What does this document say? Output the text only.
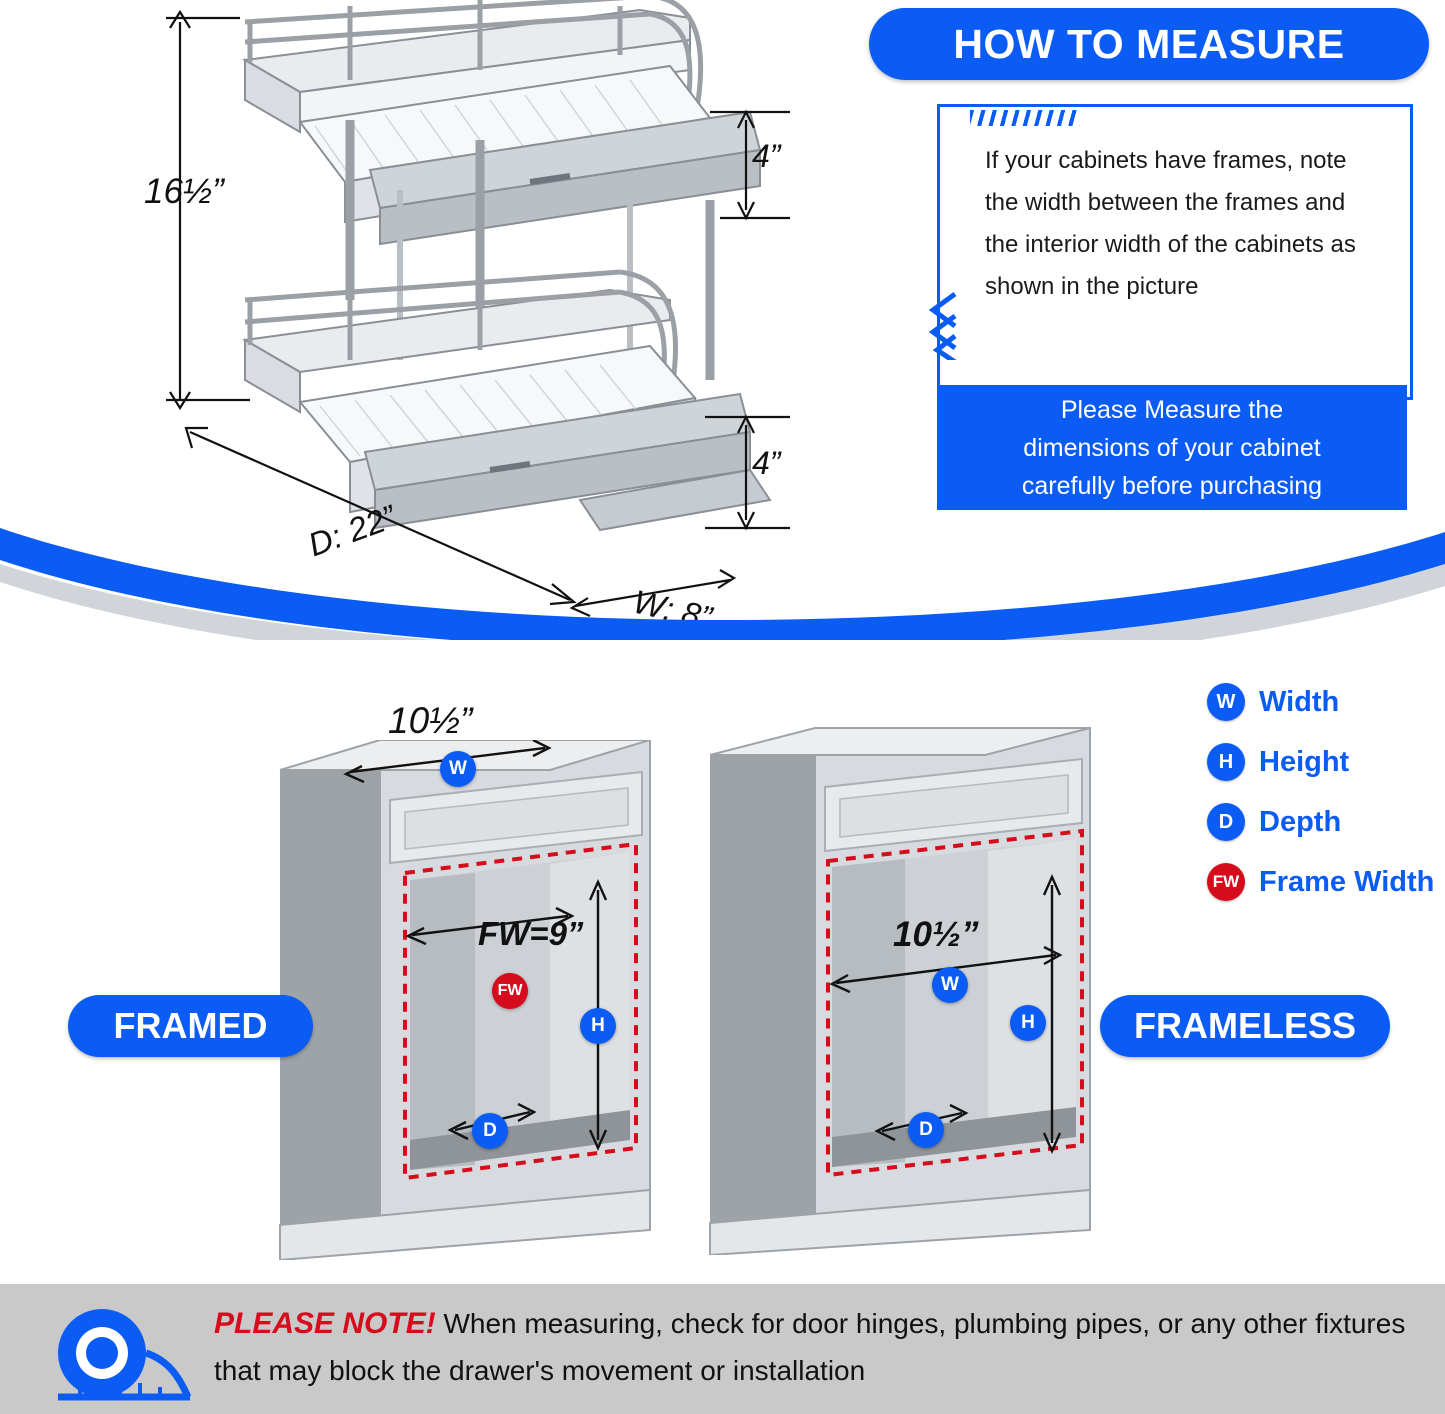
16½”
4”
4”
D: 22”
W: 8”
HOW TO MEASURE
If your cabinets have frames, note the width between the frames and the interior width of the cabinets as shown in the picture
Please Measure the
dimensions of your cabinet
carefully before purchasing
W Width
H Height
D Depth
FW Frame Width
10½”
FW=9”
W
FW
H
D
10½”
W
H
D
FRAMED	FRAMELESS
PLEASE NOTE! When measuring, check for door hinges, plumbing pipes, or any other fixtures that may block the drawer's movement or installation
